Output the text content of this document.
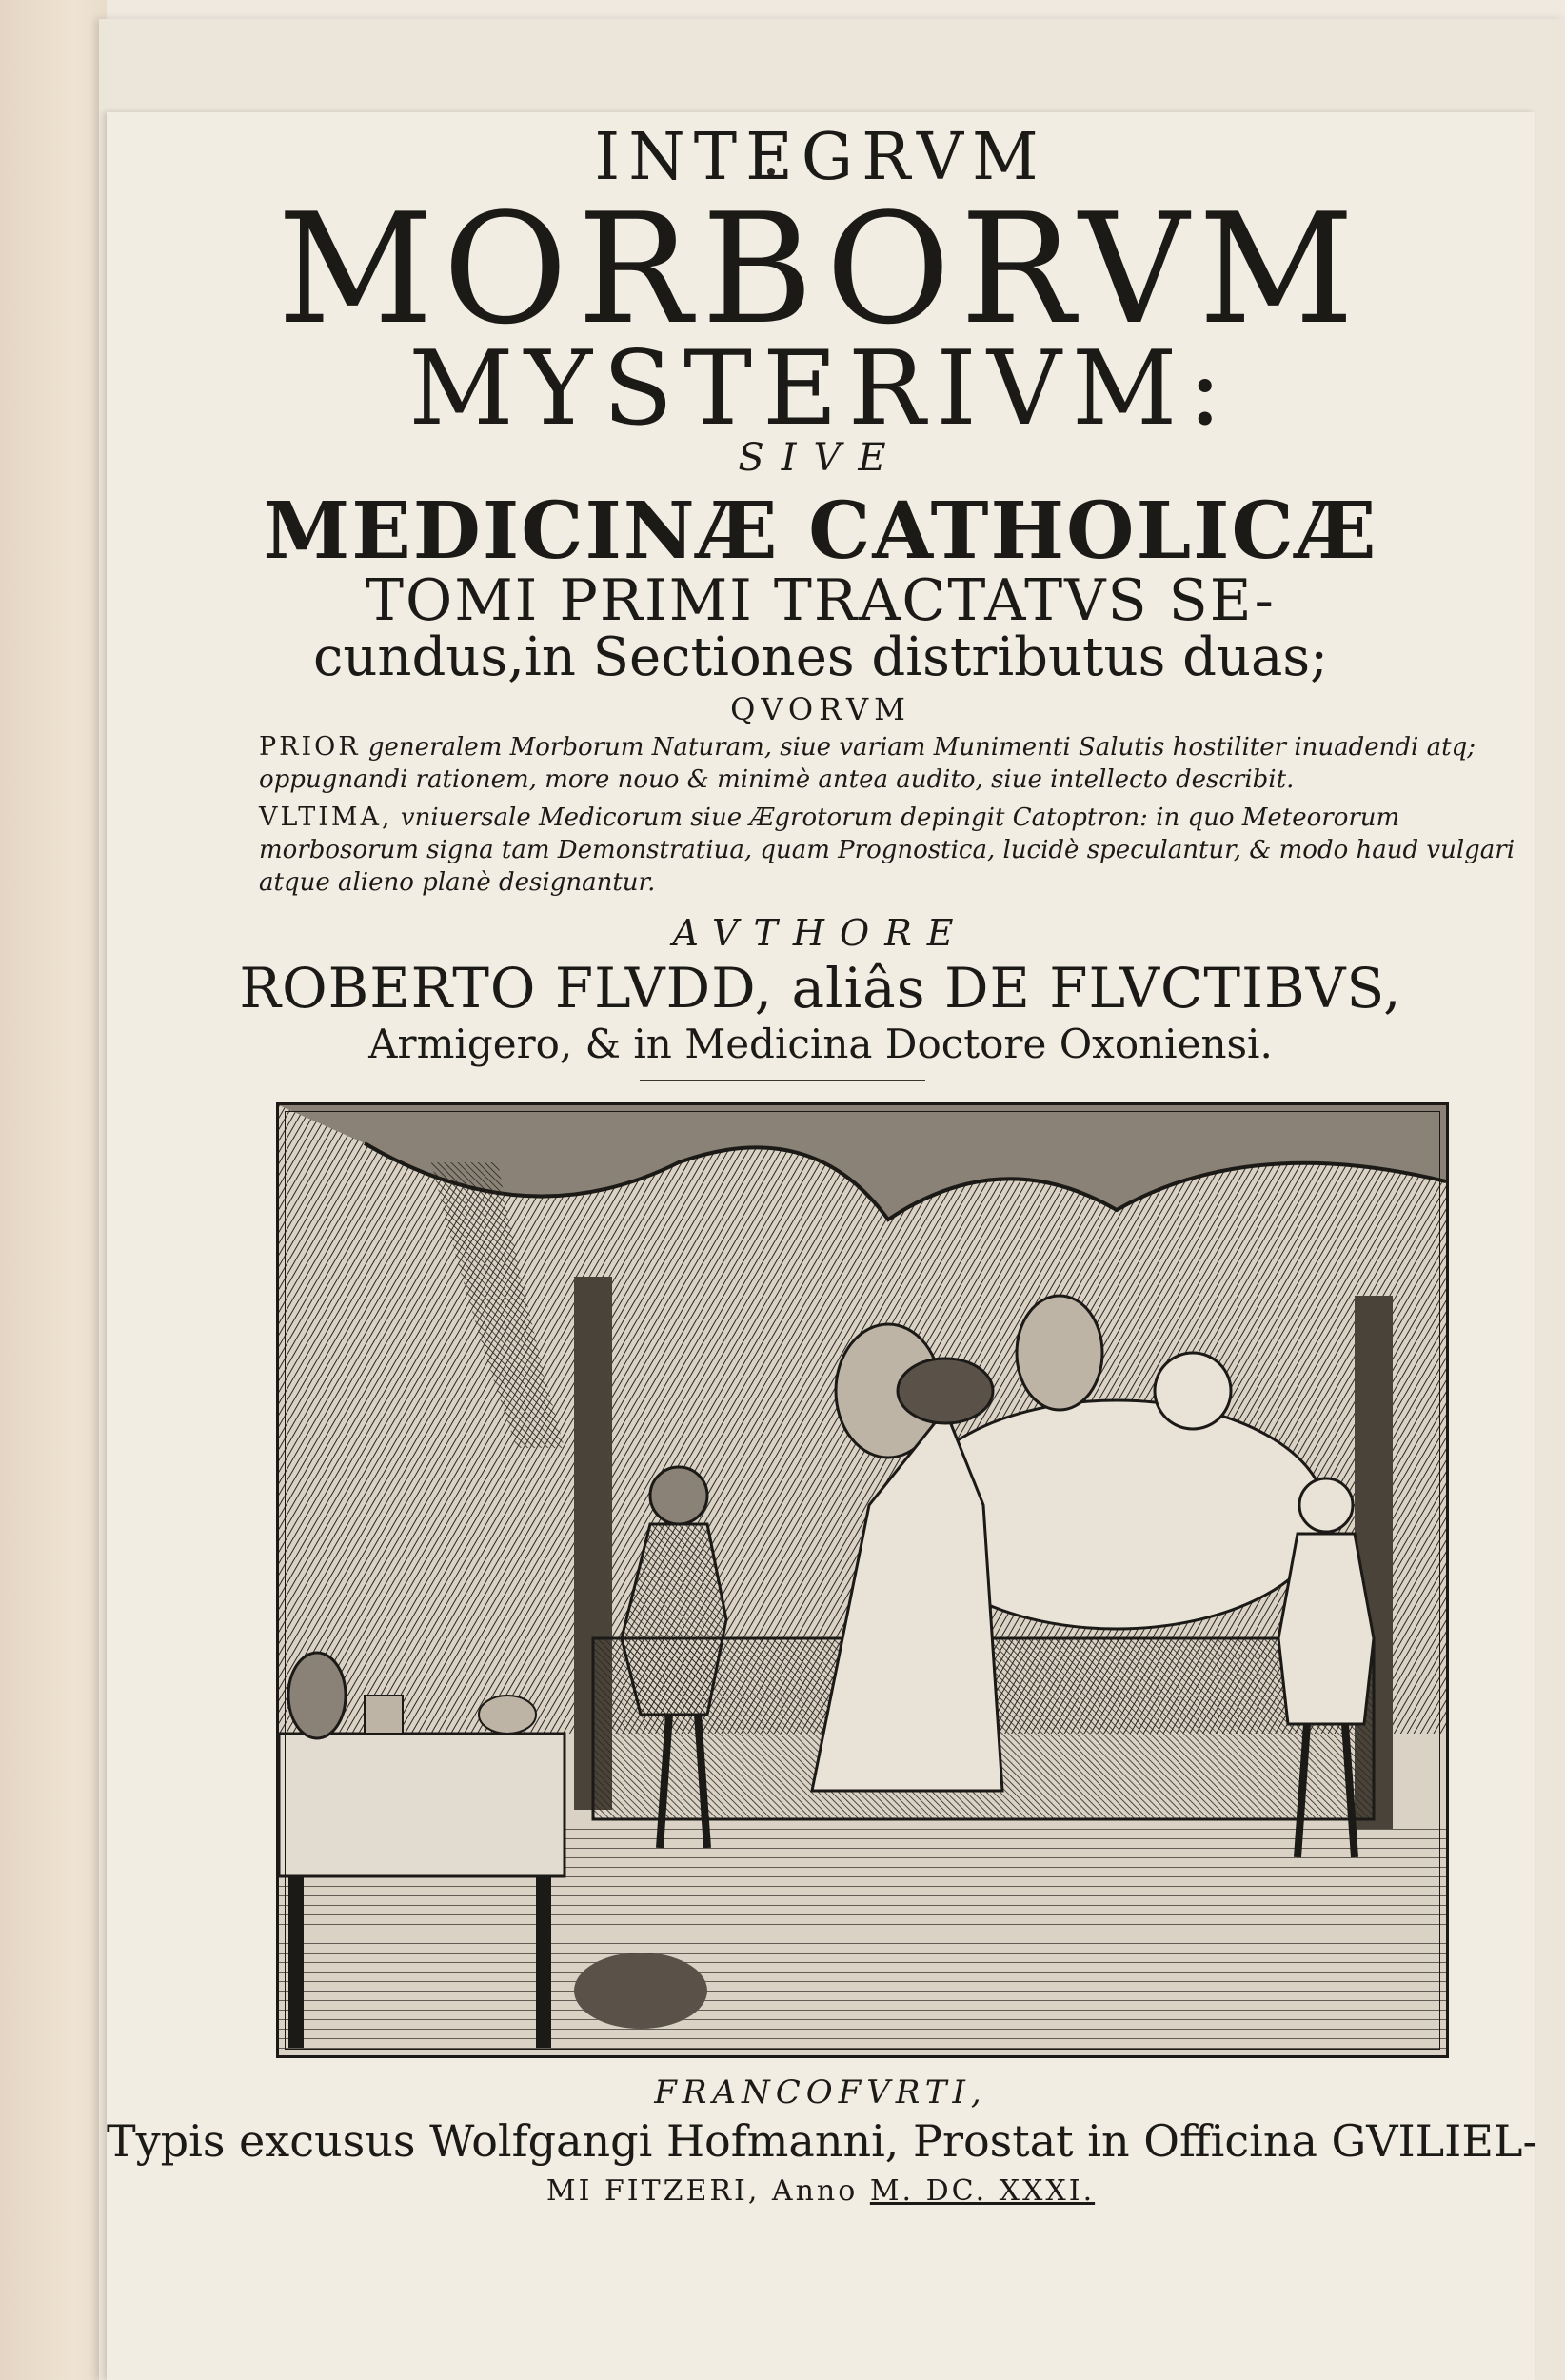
INTEGRVM
MORBORVM
MYSTERIVM:
SIVE
MEDICINÆ CATHOLICÆ
TOMI PRIMI TRACTATVS SE-
cundus,in Sectiones distributus duas;
QVORVM
PRIOR generalem Morborum Naturam, siue variam Munimenti Salutis hostiliter inuadendi atq; oppugnandi rationem, more nouo & minimè antea audito, siue intellecto describit.
VLTIMA, vniuersale Medicorum siue Ægrotorum depingit Catoptron: in quo Meteororum morbosorum signa tam Demonstratiua, quam Prognostica, lucidè speculantur, & modo haud vulgari atque alieno planè designantur.
AVTHORE
ROBERTO FLVDD, aliâs DE FLVCTIBVS,
Armigero, & in Medicina Doctore Oxoniensi.
FRANCOFVRTI,
Typis excusus Wolfgangi Hofmanni, Prostat in Officina GVILIEL-
MI FITZERI, Anno M. DC. XXXI.
